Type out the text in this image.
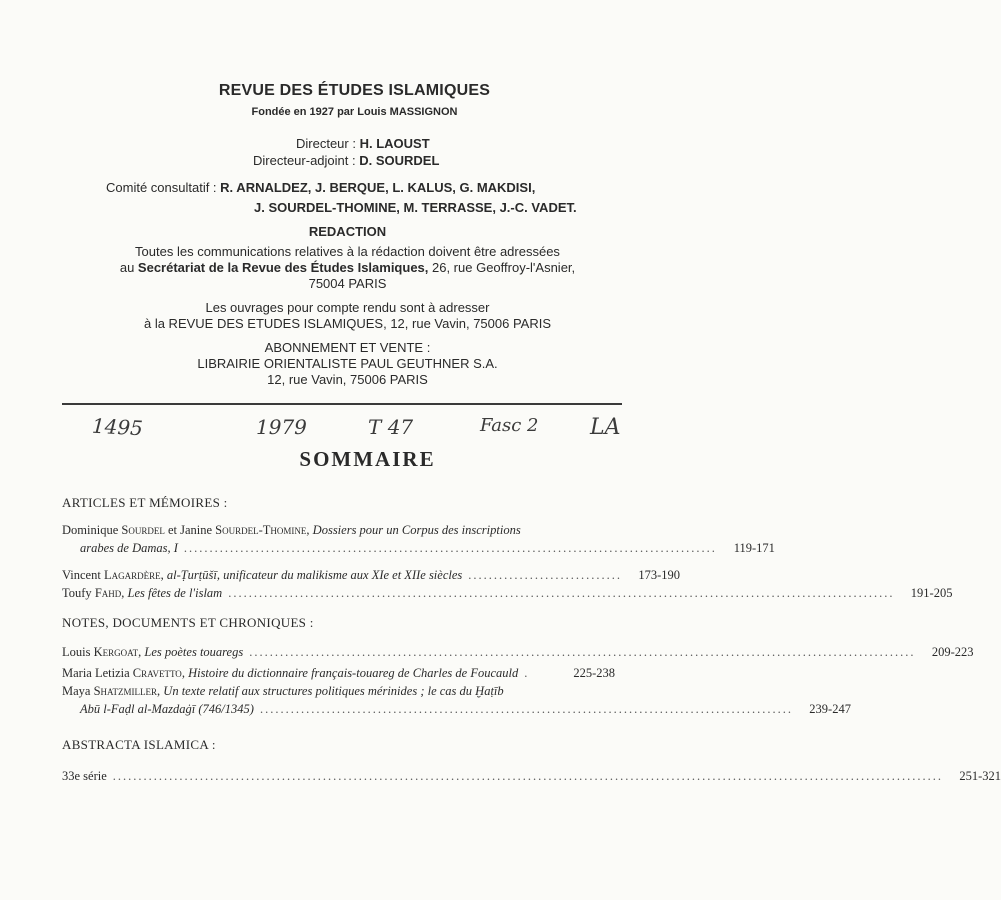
REVUE DES ÉTUDES ISLAMIQUES
Fondée en 1927 par Louis MASSIGNON
Directeur : H. LAOUST
Directeur-adjoint : D. SOURDEL
Comité consultatif : R. ARNALDEZ, J. BERQUE, L. KALUS, G. MAKDISI,
J. SOURDEL-THOMINE, M. TERRASSE, J.-C. VADET.
REDACTION
Toutes les communications relatives à la rédaction doivent être adressées
au Secrétariat de la Revue des Études Islamiques, 26, rue Geoffroy-l'Asnier,
75004 PARIS
Les ouvrages pour compte rendu sont à adresser
à la REVUE DES ETUDES ISLAMIQUES, 12, rue Vavin, 75006 PARIS
ABONNEMENT ET VENTE :
LIBRAIRIE ORIENTALISTE PAUL GEUTHNER S.A.
12, rue Vavin, 75006 PARIS
1495	1979	T 47	Fasc 2 LA
SOMMAIRE
ARTICLES ET MÉMOIRES :
Dominique Sourdel et Janine Sourdel-Thomine, Dossiers pour un Corpus des inscriptions
arabes de Damas, I ........................................................................................................	119-171
Vincent Lagardère, al-Ṭurṭūšī, unificateur du malikisme aux XIe et XIIe siècles ..............................	173-190
Toufy Fahd, Les fêtes de l'islam ..................................................................................................................................	191-205
NOTES, DOCUMENTS ET CHRONIQUES :
Louis Kergoat, Les poètes touaregs ..................................................................................................................................	209-223
Maria Letizia Cravetto, Histoire du dictionnaire français-touareg de Charles de Foucauld .	225-238
Maya Shatzmiller, Un texte relatif aux structures politiques mérinides ; le cas du Ḫaṭīb
Abū l-Faḍl al-Mazdaġī (746/1345) ........................................................................................................	239-247
ABSTRACTA ISLAMICA :
33e série ..................................................................................................................................................................	251-321
